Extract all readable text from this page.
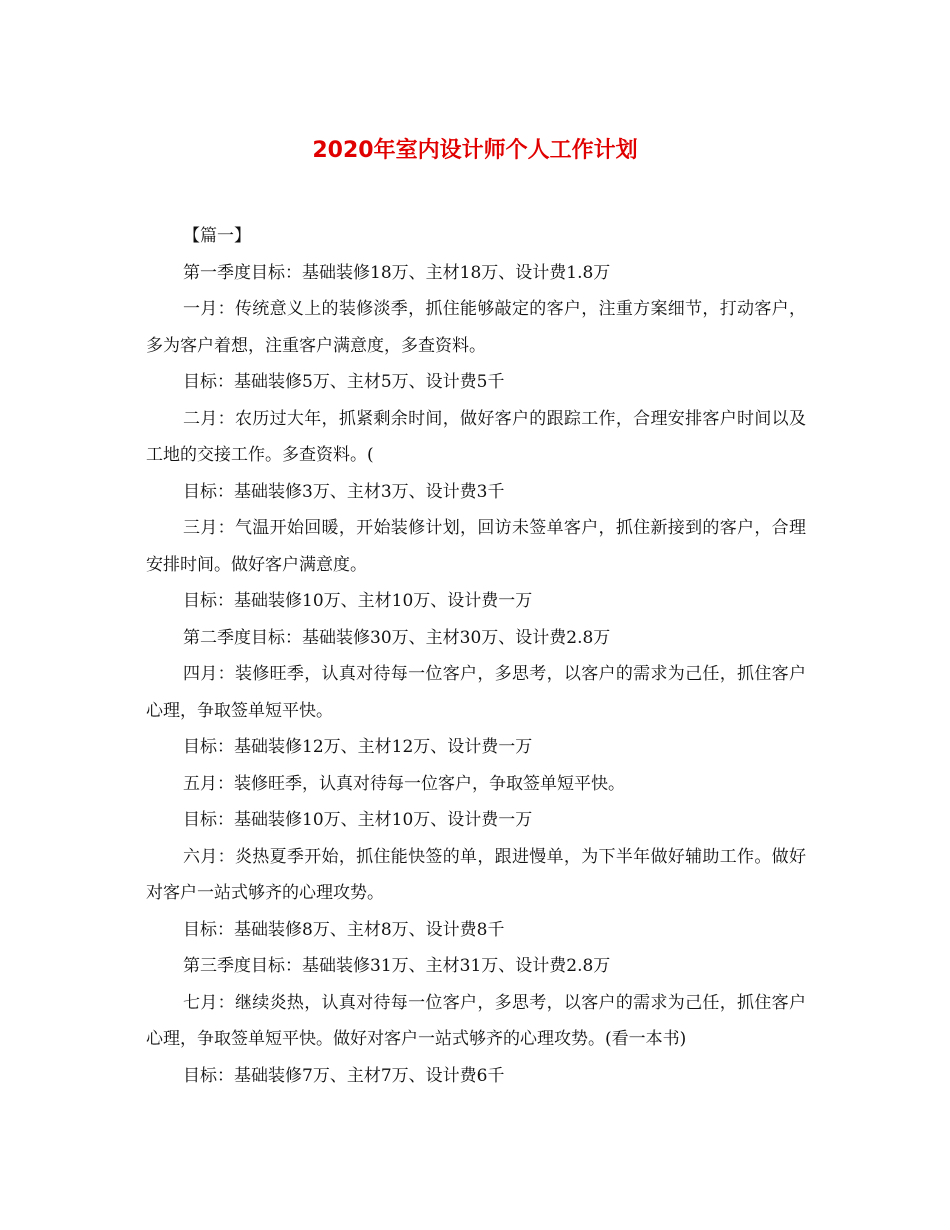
2020年室内设计师个人工作计划

【篇一】

第一季度目标：基础装修18万、主材18万、设计费1.8万

一月：传统意义上的装修淡季，抓住能够敲定的客户，注重方案细节，打动客户，多为客户着想，注重客户满意度，多查资料。

目标：基础装修5万、主材5万、设计费5千

二月：农历过大年，抓紧剩余时间，做好客户的跟踪工作，合理安排客户时间以及工地的交接工作。多查资料。(

目标：基础装修3万、主材3万、设计费3千

三月：气温开始回暖，开始装修计划，回访未签单客户，抓住新接到的客户，合理安排时间。做好客户满意度。

目标：基础装修10万、主材10万、设计费一万

第二季度目标：基础装修30万、主材30万、设计费2.8万

四月：装修旺季，认真对待每一位客户，多思考，以客户的需求为己任，抓住客户心理，争取签单短平快。

目标：基础装修12万、主材12万、设计费一万

五月：装修旺季，认真对待每一位客户，争取签单短平快。

目标：基础装修10万、主材10万、设计费一万

六月：炎热夏季开始，抓住能快签的单，跟进慢单，为下半年做好辅助工作。做好对客户一站式够齐的心理攻势。

目标：基础装修8万、主材8万、设计费8千

第三季度目标：基础装修31万、主材31万、设计费2.8万

七月：继续炎热，认真对待每一位客户，多思考，以客户的需求为己任，抓住客户心理，争取签单短平快。做好对客户一站式够齐的心理攻势。(看一本书)

目标：基础装修7万、主材7万、设计费6千
